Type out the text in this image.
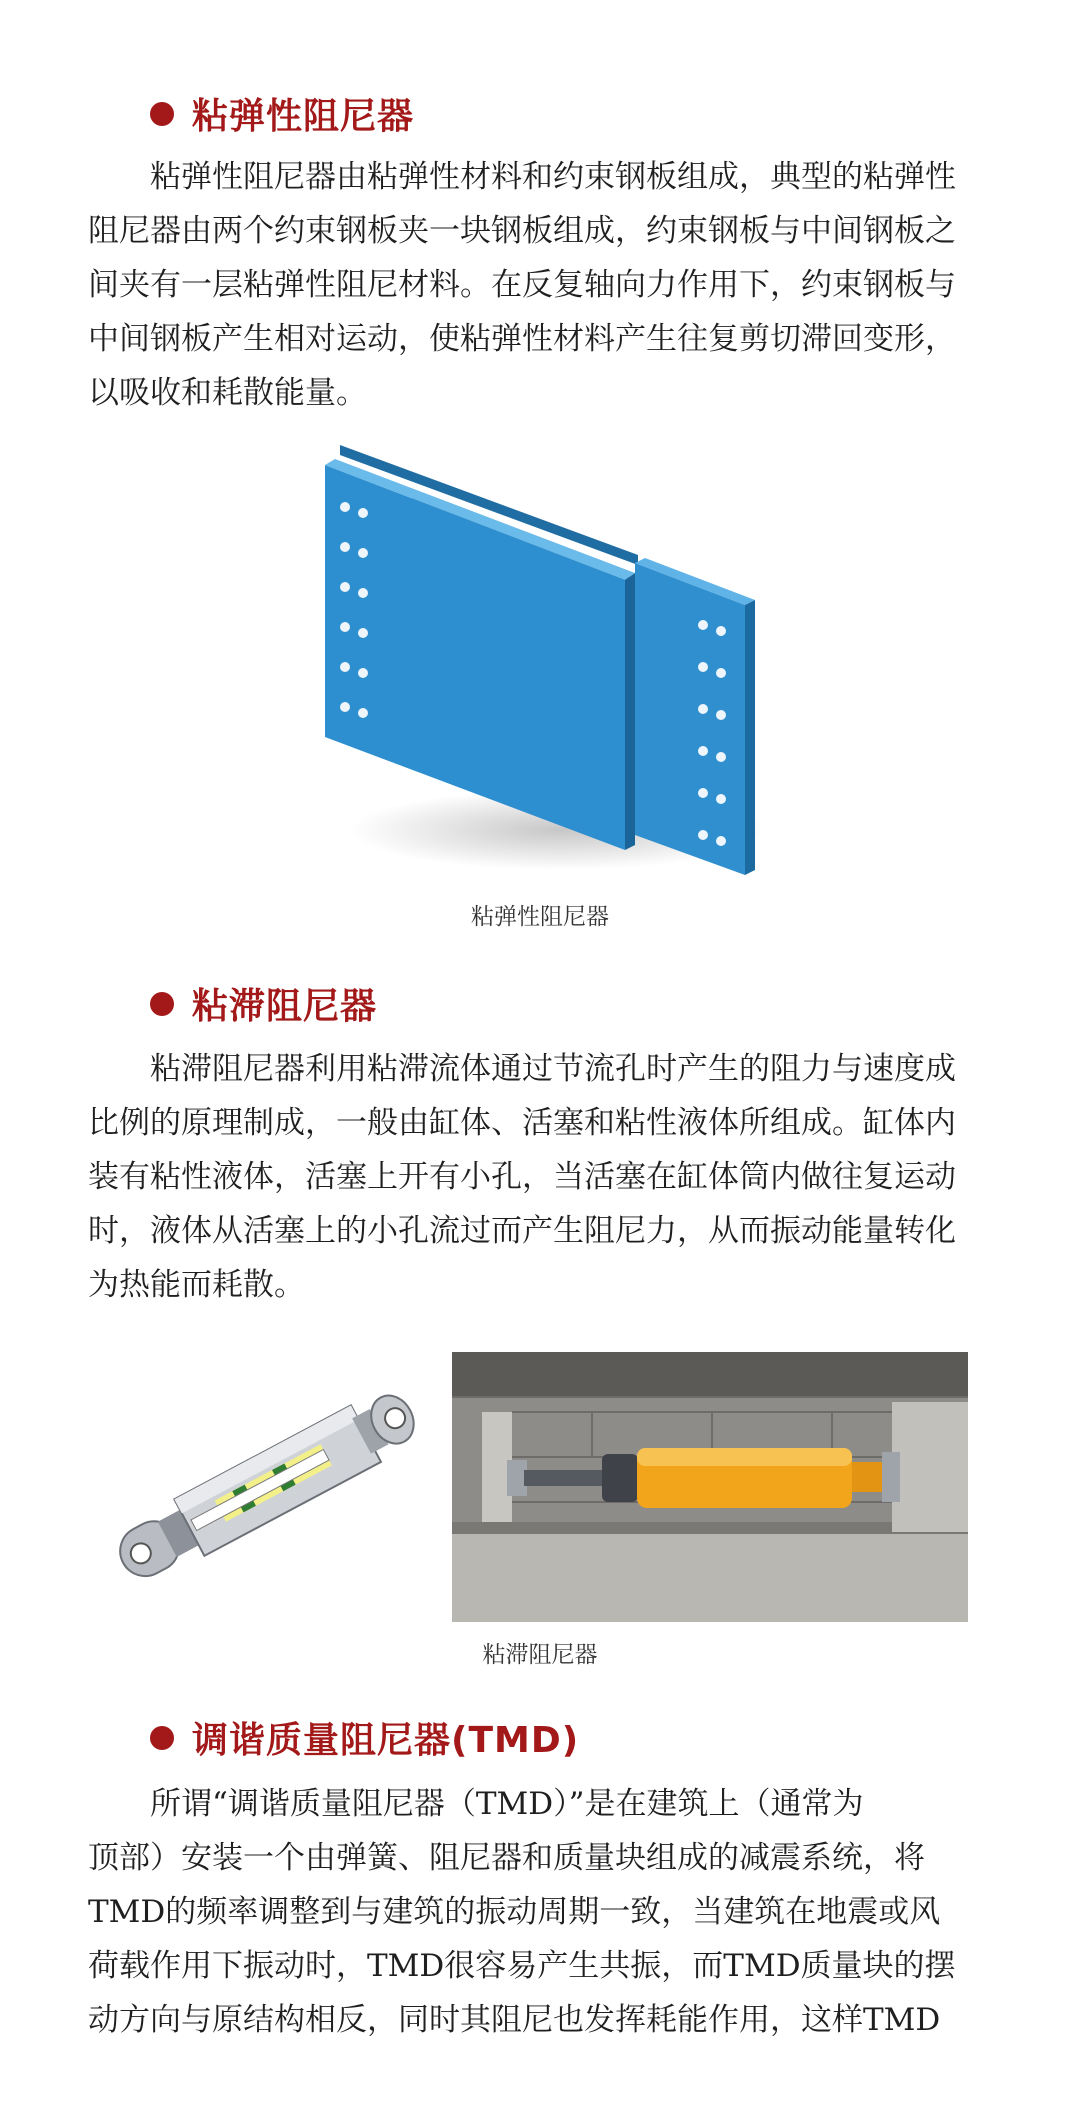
粘弹性阻尼器

　　粘弹性阻尼器由粘弹性材料和约束钢板组成，典型的粘弹性
阻尼器由两个约束钢板夹一块钢板组成，约束钢板与中间钢板之
间夹有一层粘弹性阻尼材料。在反复轴向力作用下，约束钢板与
中间钢板产生相对运动，使粘弹性材料产生往复剪切滞回变形，
以吸收和耗散能量。

粘弹性阻尼器
粘滞阻尼器

　　粘滞阻尼器利用粘滞流体通过节流孔时产生的阻力与速度成
比例的原理制成，一般由缸体、活塞和粘性液体所组成。缸体内
装有粘性液体，活塞上开有小孔，当活塞在缸体筒内做往复运动
时，液体从活塞上的小孔流过而产生阻尼力，从而振动能量转化
为热能而耗散。

粘滞阻尼器
调谐质量阻尼器(TMD)

　　所谓“调谐质量阻尼器（TMD）”是在建筑上（通常为
顶部）安装一个由弹簧、阻尼器和质量块组成的减震系统，将
TMD的频率调整到与建筑的振动周期一致，当建筑在地震或风
荷载作用下振动时，TMD很容易产生共振，而TMD质量块的摆
动方向与原结构相反，同时其阻尼也发挥耗能作用，这样TMD
